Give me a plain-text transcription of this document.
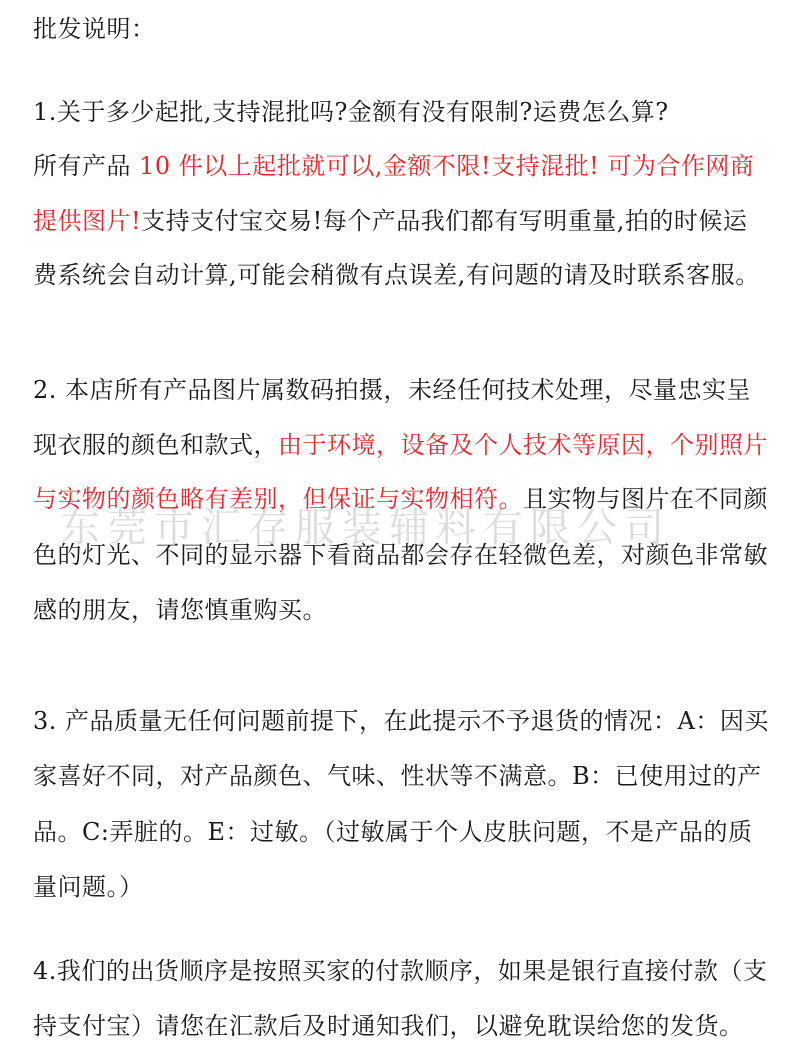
批发说明：
1.关于多少起批,支持混批吗?金额有没有限制?运费怎么算?
所有产品 10 件以上起批就可以,金额不限!支持混批! 可为合作网商
提供图片!支持支付宝交易!每个产品我们都有写明重量,拍的时候运
费系统会自动计算,可能会稍微有点误差,有问题的请及时联系客服。
2. 本店所有产品图片属数码拍摄，未经任何技术处理，尽量忠实呈
现衣服的颜色和款式，由于环境，设备及个人技术等原因，个别照片
与实物的颜色略有差别，但保证与实物相符。且实物与图片在不同颜
色的灯光、不同的显示器下看商品都会存在轻微色差，对颜色非常敏
感的朋友，请您慎重购买。
3. 产品质量无任何问题前提下，在此提示不予退货的情况：A：因买
家喜好不同，对产品颜色、气味、性状等不满意。B：已使用过的产
品。C:弄脏的。E：过敏。（过敏属于个人皮肤问题，不是产品的质
量问题。）
4.我们的出货顺序是按照买家的付款顺序，如果是银行直接付款（支
持支付宝）请您在汇款后及时通知我们，以避免耽误给您的发货。
东莞市汇存服装辅料有限公司
